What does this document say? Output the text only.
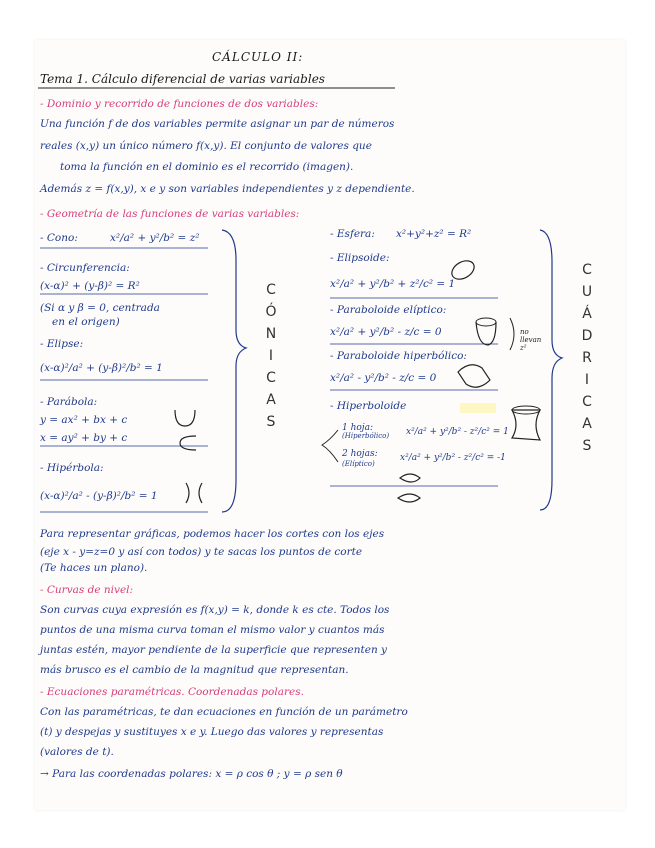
CÁLCULO II:
Tema 1. Cálculo diferencial de varias variables
- Dominio y recorrido de funciones de dos variables:
Una función f de dos variables permite asignar un par de números
reales (x,y) un único número f(x,y). El conjunto de valores que
toma la función en el dominio es el recorrido (imagen).
Además z = f(x,y), x e y son variables independientes y z dependiente.
- Geometría de las funciones de varias variables:
- Cono:	x²/a² + y²/b² = z²
- Circunferencia:
(x-α)² + (y-β)² = R²
(Si α y β = 0, centrada
en el origen)
- Elipse:
(x-α)²/a² + (y-β)²/b² = 1
- Parábola:
y = ax² + bx + c
x = ay² + by + c
- Hipérbola:
(x-α)²/a² - (y-β)²/b² = 1
C
Ó
N
I
C
A
S
- Esfera: x²+y²+z² = R²
- Elipsoide:
x²/a² + y²/b² + z²/c² = 1
- Paraboloide elíptico:
x²/a² + y²/b² - z/c = 0	no llevan z²
- Paraboloide hiperbólico:
x²/a² - y²/b² - z/c = 0
- Hiperboloide
1 hoja:
(Hiperbólico) x²/a² + y²/b² - z²/c² = 1
2 hojas:
(Elíptico)
x²/a² + y²/b² - z²/c² = -1
C
U
Á
D
R
I
C
A
S
Para representar gráficas, podemos hacer los cortes con los ejes
(eje x - y=z=0 y así con todos) y te sacas los puntos de corte
(Te haces un plano).
- Curvas de nivel:
Son curvas cuya expresión es f(x,y) = k, donde k es cte. Todos los
puntos de una misma curva toman el mismo valor y cuantos más
juntas estén, mayor pendiente de la superficie que representen y
más brusco es el cambio de la magnitud que representan.
- Ecuaciones paramétricas. Coordenadas polares.
Con las paramétricas, te dan ecuaciones en función de un parámetro
(t) y despejas y sustituyes x e y. Luego das valores y representas
(valores de t).
→ Para las coordenadas polares: x = ρ cos θ ; y = ρ sen θ
